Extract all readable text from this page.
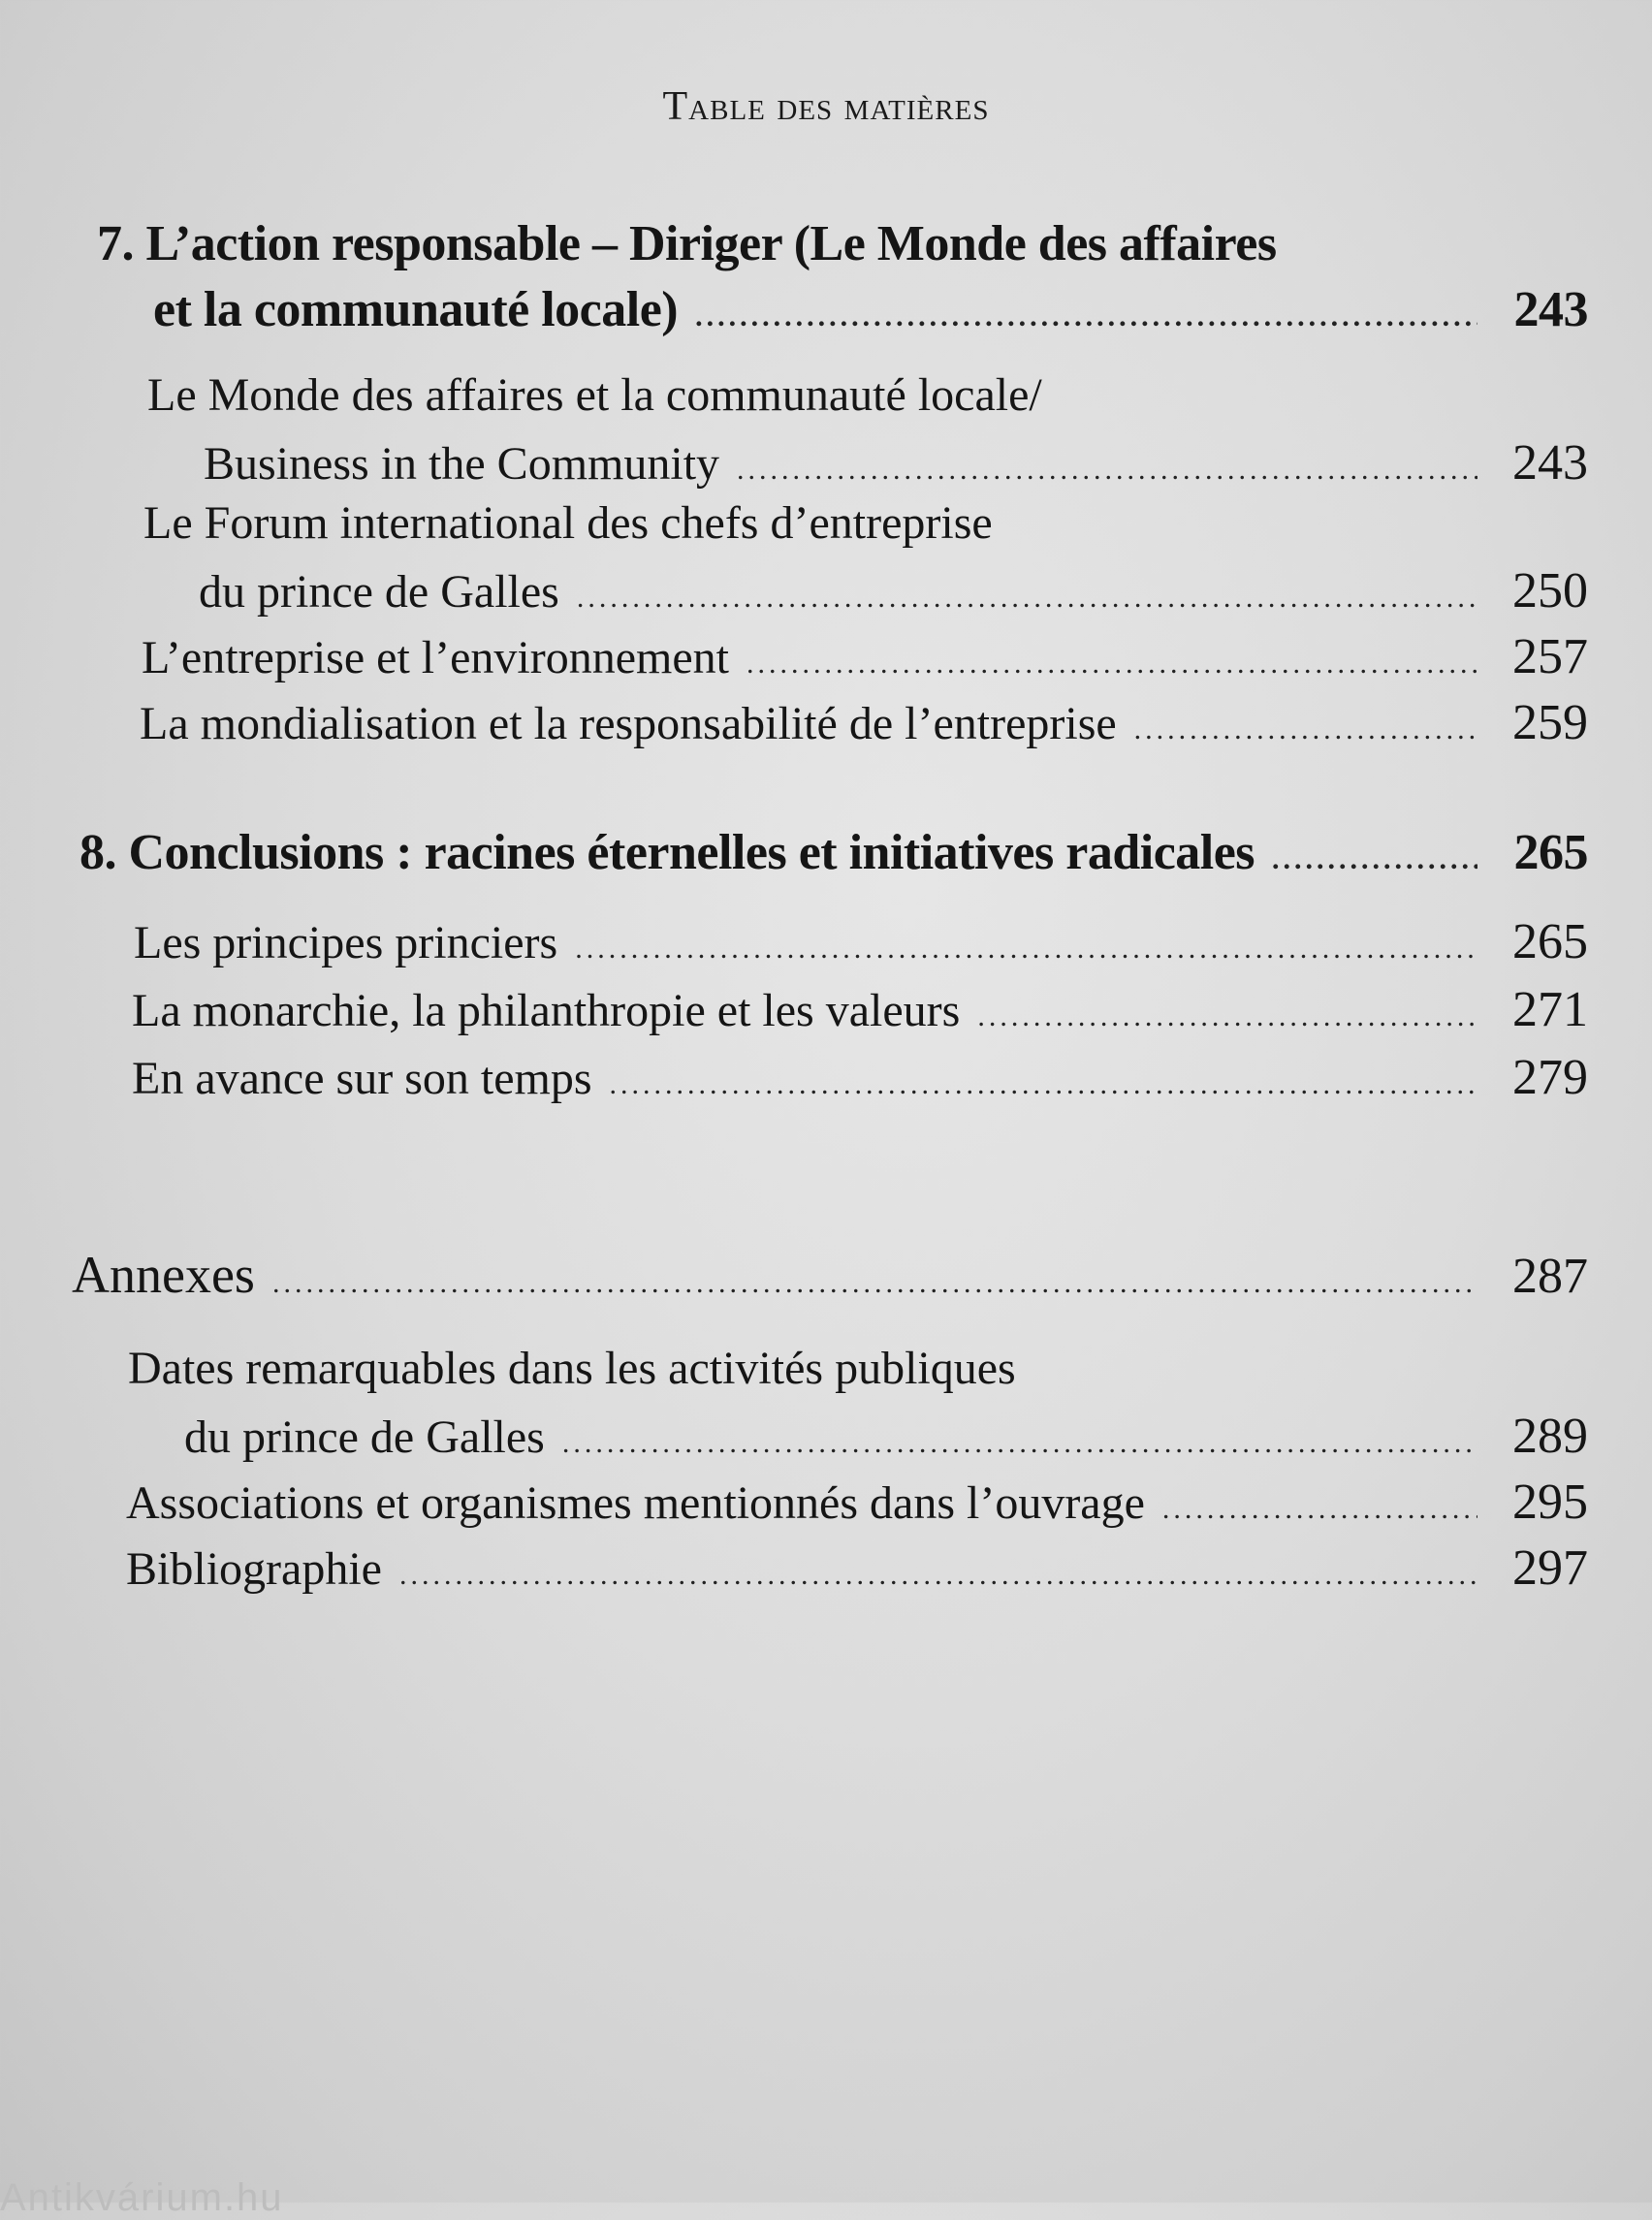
Table des matières
7. L’action responsable – Diriger (Le Monde des affaires
et la communauté locale) .....	243
Le Monde des affaires et la communauté locale/
Business in the Community .....	243
Le Forum international des chefs d’entreprise
du prince de Galles .....	250
L’entreprise et l’environnement .....	257
La mondialisation et la responsabilité de l’entreprise .....	259
8. Conclusions : racines éternelles et initiatives radicales .....	265
Les principes princiers .....	265
La monarchie, la philanthropie et les valeurs .....	271
En avance sur son temps .....	279
Annexes .....	287
Dates remarquables dans les activités publiques
du prince de Galles .....	289
Associations et organismes mentionnés dans l’ouvrage .....	295
Bibliographie .....	297
Antikvárium.hu
